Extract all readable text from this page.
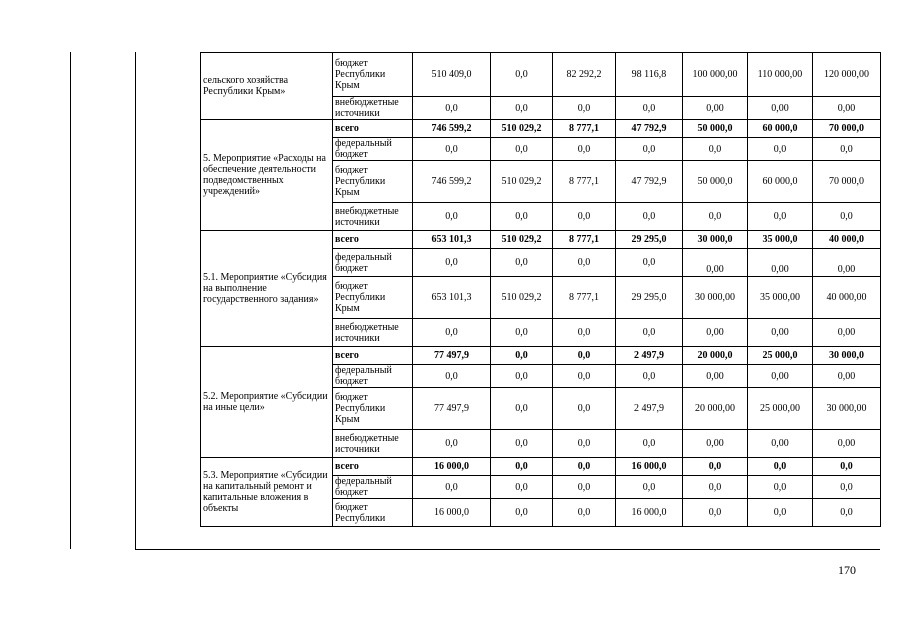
сельского хозяйства Республики Крым»	бюджет Республики Крым	510 409,0	0,0	82 292,2	98 116,8	100 000,00	110 000,00	120 000,00
	внебюджетные источники	0,0	0,0	0,0	0,0	0,00	0,00	0,00
5. Мероприятие «Расходы на обеспечение деятельности подведомственных учреждений»	всего	746 599,2	510 029,2	8 777,1	47 792,9	50 000,0	60 000,0	70 000,0
	федеральный бюджет	0,0	0,0	0,0	0,0	0,0	0,0	0,0
	бюджет Республики Крым	746 599,2	510 029,2	8 777,1	47 792,9	50 000,0	60 000,0	70 000,0
	внебюджетные источники	0,0	0,0	0,0	0,0	0,0	0,0	0,0
5.1. Мероприятие «Субсидия на выполнение государственного задания»	всего	653 101,3	510 029,2	8 777,1	29 295,0	30 000,0	35 000,0	40 000,0
	федеральный бюджет	0,0	0,0	0,0	0,0	0,00	0,00	0,00
	бюджет Республики Крым	653 101,3	510 029,2	8 777,1	29 295,0	30 000,00	35 000,00	40 000,00
	внебюджетные источники	0,0	0,0	0,0	0,0	0,00	0,00	0,00
5.2. Мероприятие «Субсидии на иные цели»	всего	77 497,9	0,0	0,0	2 497,9	20 000,0	25 000,0	30 000,0
	федеральный бюджет	0,0	0,0	0,0	0,0	0,00	0,00	0,00
	бюджет Республики Крым	77 497,9	0,0	0,0	2 497,9	20 000,00	25 000,00	30 000,00
	внебюджетные источники	0,0	0,0	0,0	0,0	0,00	0,00	0,00
5.3. Мероприятие «Субсидии на капитальный ремонт и капитальные вложения в объекты	всего	16 000,0	0,0	0,0	16 000,0	0,0	0,0	0,0
	федеральный бюджет	0,0	0,0	0,0	0,0	0,0	0,0	0,0
	бюджет Республики	16 000,0	0,0	0,0	16 000,0	0,0	0,0	0,0
170
